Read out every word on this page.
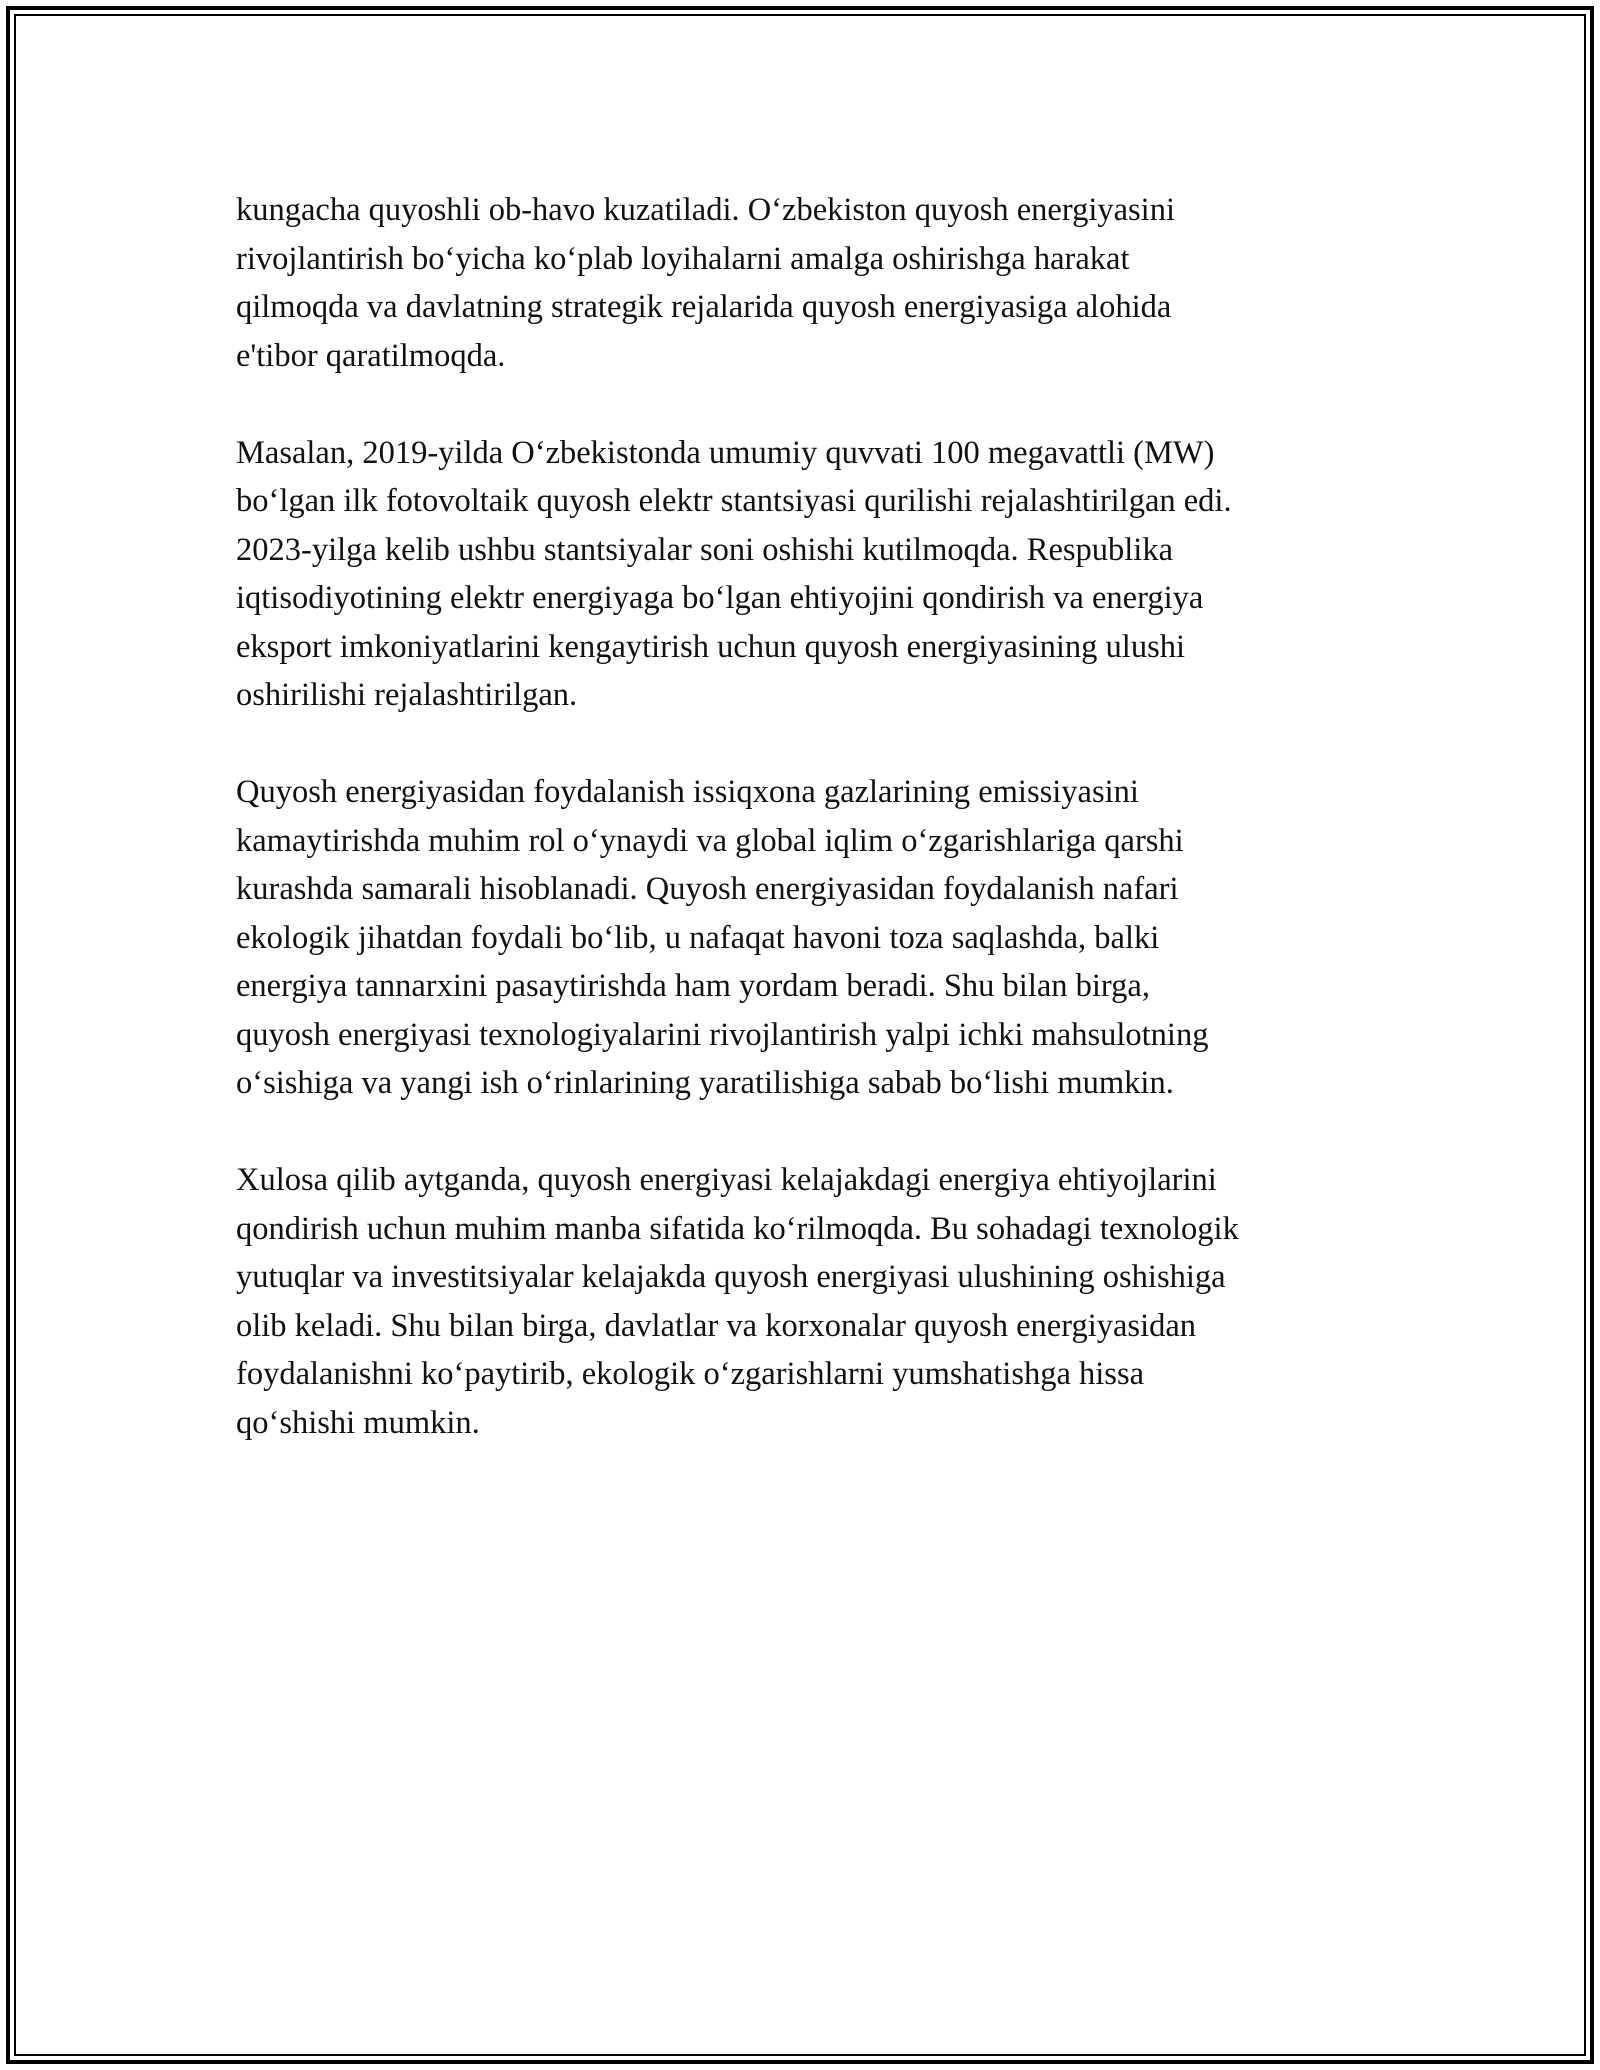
kungacha quyoshli ob-havo kuzatiladi. O‘zbekiston quyosh energiyasini
rivojlantirish bo‘yicha ko‘plab loyihalarni amalga oshirishga harakat
qilmoqda va davlatning strategik rejalarida quyosh energiyasiga alohida
e'tibor qaratilmoqda.

Masalan, 2019-yilda O‘zbekistonda umumiy quvvati 100 megavattli (MW)
bo‘lgan ilk fotovoltaik quyosh elektr stantsiyasi qurilishi rejalashtirilgan edi.
2023-yilga kelib ushbu stantsiyalar soni oshishi kutilmoqda. Respublika
iqtisodiyotining elektr energiyaga bo‘lgan ehtiyojini qondirish va energiya
eksport imkoniyatlarini kengaytirish uchun quyosh energiyasining ulushi
oshirilishi rejalashtirilgan.

Quyosh energiyasidan foydalanish issiqxona gazlarining emissiyasini
kamaytirishda muhim rol o‘ynaydi va global iqlim o‘zgarishlariga qarshi
kurashda samarali hisoblanadi. Quyosh energiyasidan foydalanish nafari
ekologik jihatdan foydali bo‘lib, u nafaqat havoni toza saqlashda, balki
energiya tannarxini pasaytirishda ham yordam beradi. Shu bilan birga,
quyosh energiyasi texnologiyalarini rivojlantirish yalpi ichki mahsulotning
o‘sishiga va yangi ish o‘rinlarining yaratilishiga sabab bo‘lishi mumkin.

Xulosa qilib aytganda, quyosh energiyasi kelajakdagi energiya ehtiyojlarini
qondirish uchun muhim manba sifatida ko‘rilmoqda. Bu sohadagi texnologik
yutuqlar va investitsiyalar kelajakda quyosh energiyasi ulushining oshishiga
olib keladi. Shu bilan birga, davlatlar va korxonalar quyosh energiyasidan
foydalanishni ko‘paytirib, ekologik o‘zgarishlarni yumshatishga hissa
qo‘shishi mumkin.
